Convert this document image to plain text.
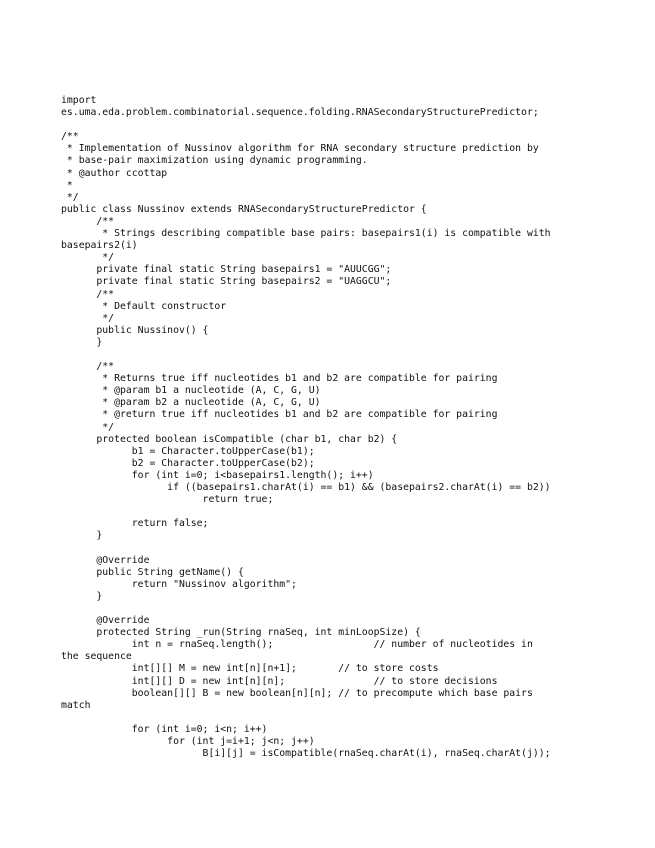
import
es.uma.eda.problem.combinatorial.sequence.folding.RNASecondaryStructurePredictor;
/**
* Implementation of Nussinov algorithm for RNA secondary structure prediction by
* base-pair maximization using dynamic programming.
* @author ccottap
*
*/
public class Nussinov extends RNASecondaryStructurePredictor {
/**
* Strings describing compatible base pairs: basepairs1(i) is compatible with
basepairs2(i)
*/
private final static String basepairs1 = "AUUCGG";
private final static String basepairs2 = "UAGGCU";
/**
* Default constructor
*/
public Nussinov() {
}
/**
* Returns true iff nucleotides b1 and b2 are compatible for pairing
* @param b1 a nucleotide (A, C, G, U)
* @param b2 a nucleotide (A, C, G, U)
* @return true iff nucleotides b1 and b2 are compatible for pairing
*/
protected boolean isCompatible (char b1, char b2) {
b1 = Character.toUpperCase(b1);
b2 = Character.toUpperCase(b2);
for (int i=0; i<basepairs1.length(); i++)
if ((basepairs1.charAt(i) == b1) && (basepairs2.charAt(i) == b2))
return true;
return false;
}
@Override
public String getName() {
return "Nussinov algorithm";
}
@Override
protected String _run(String rnaSeq, int minLoopSize) {
int n = rnaSeq.length();                 // number of nucleotides in
the sequence
int[][] M = new int[n][n+1];       // to store costs
int[][] D = new int[n][n];               // to store decisions
boolean[][] B = new boolean[n][n]; // to precompute which base pairs
match
for (int i=0; i<n; i++)
for (int j=i+1; j<n; j++)
B[i][j] = isCompatible(rnaSeq.charAt(i), rnaSeq.charAt(j));
